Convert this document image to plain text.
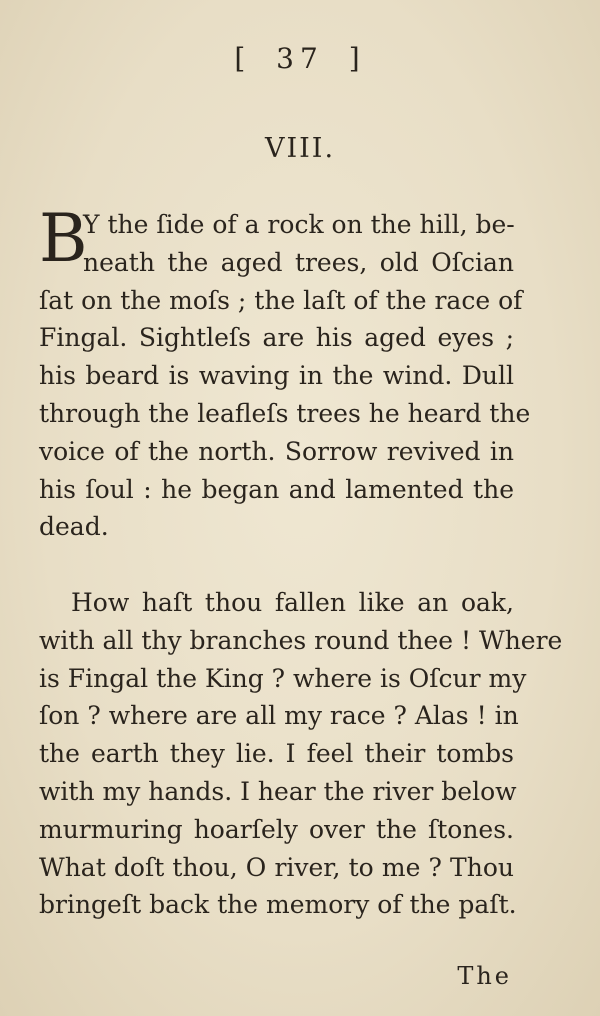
[ 37 ]
VIII.
B
Y the ſide of a rock on the hill, be-
neath the aged trees, old Oſcian
ſat on the moſs ; the laſt of the race of
Fingal. Sightleſs are his aged eyes ;
his beard is waving in the wind. Dull
through the leafleſs trees he heard the
voice of the north. Sorrow revived in
his ſoul : he began and lamented the
dead.
How haſt thou fallen like an oak,
with all thy branches round thee ! Where
is Fingal the King ? where is Oſcur my
ſon ? where are all my race ? Alas ! in
the earth they lie. I feel their tombs
with my hands. I hear the river below
murmuring hoarſely over the ſtones.
What doſt thou, O river, to me ? Thou
bringeſt back the memory of the paſt.
The
